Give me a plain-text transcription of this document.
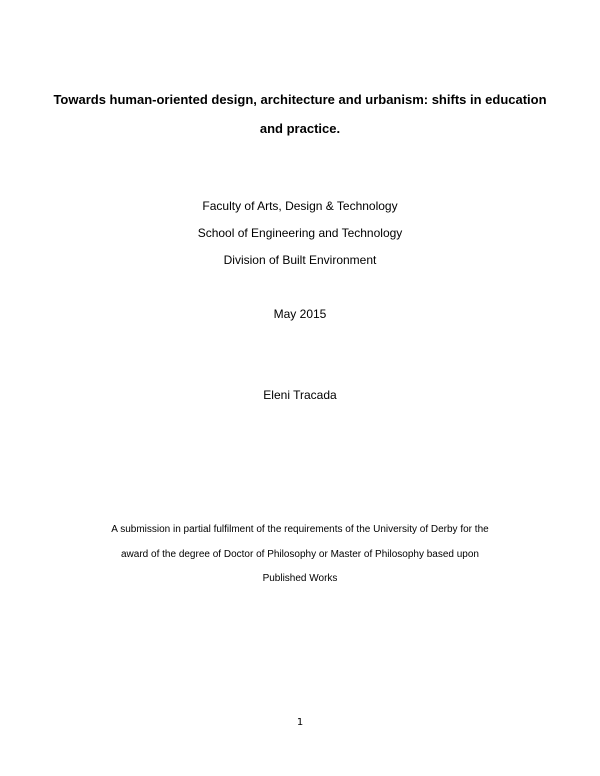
Towards human-oriented design, architecture and urbanism: shifts in education
and practice.
Faculty of Arts, Design & Technology
School of Engineering and Technology
Division of Built Environment
May 2015
Eleni Tracada
A submission in partial fulfilment of the requirements of the University of Derby for the
award of the degree of Doctor of Philosophy or Master of Philosophy based upon
Published Works
1
